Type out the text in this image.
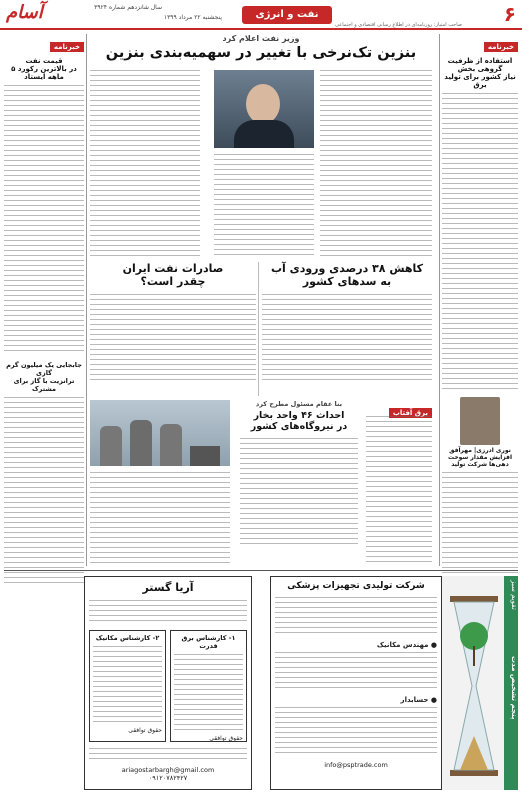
۶
نفت و انرژی
سال شانزدهم شماره ۳۹۲۴
پنجشنبه ۲۲ مرداد ۱۳۹۹
صاحب امتیاز: روزنامه‌ای در اطلاع رسانی اقتصادی و اجتماعی
آسام
خبرنامه
استفاده از ظرفیت گروهی بخش
نیاز کشور برای تولید برق
نوری ادرزی| مهرآفق
افزایش مقدار سوخت دهی‌ها شرکت تولید
خبرنامه
قیمت نفت
در بالاترین رکورد ۵ ماهه ایستاد
جابجایی یک میلیون گرم گازی
ترانزیت با گاز برای مشترک
وزیر نفت اعلام کرد
بنزین تک‌نرخی با تغییر در سهمیه‌بندی بنزین
کاهش ۳۸ درصدی ورودی آب
به سدهای کشور
صادرات نفت ایران
چقدر است؟
برق آفتاب
بنا عقام مسئول مطرح کرد
احداث ۴۶ واحد بخار
در نیروگاه‌های کشور
شرکت تولیدی تجهیزات پزشکی
● مهندس مکانیک
● حسابدار
info@psptrade.com
آریا گستر
۱- کارشناس برق قدرت
حقوق توافقی
۲- کارشناس مکانیک
حقوق توافقی
ariagostarbargh@gmail.com
۰۹۱۲۰۷۸۲۴۲۷
پنجم تشخیص مدت
تقویم سبز
